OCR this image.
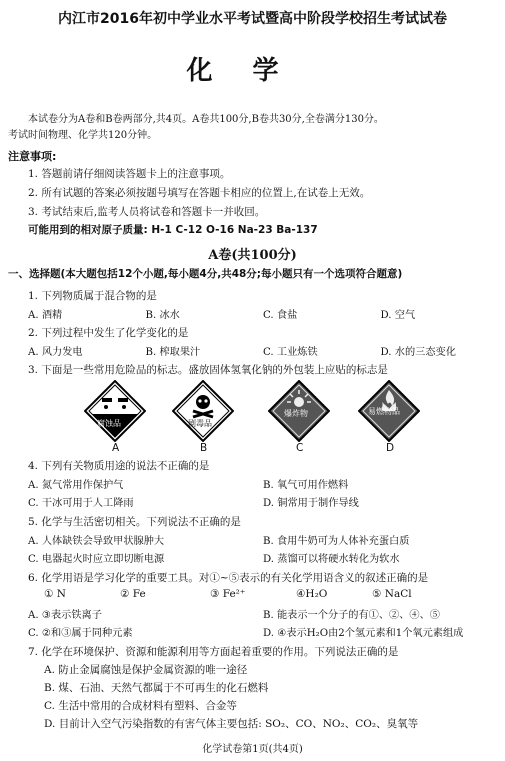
内江市2016年初中学业水平考试暨高中阶段学校招生考试试卷
化学
本试卷分为A卷和B卷两部分,共4页。A卷共100分,B卷共30分,全卷满分130分。
考试时间物理、化学共120分钟。
注意事项:
1. 答题前请仔细阅读答题卡上的注意事项。
2. 所有试题的答案必须按题号填写在答题卡相应的位置上,在试卷上无效。
3. 考试结束后,监考人员将试卷和答题卡一并收回。
可能用到的相对原子质量: H-1 C-12 O-16 Na-23 Ba-137
A卷(共100分)
一、选择题(本大题包括12个小题,每小题4分,共48分;每小题只有一个选项符合题意)
1. 下列物质属于混合物的是
A. 酒精	B. 冰水	C. 食盐	D. 空气
2. 下列过程中发生了化学变化的是
A. 风力发电	B. 榨取果汁	C. 工业炼铁	D. 水的三态变化
3. 下面是一些常用危险品的标志。盛放固体氢氧化钠的外包装上应贴的标志是
腐蚀品
A
剧毒品
B
爆炸物
C
易燃物品
D
4. 下列有关物质用途的说法不正确的是
A. 氮气常用作保护气	B. 氧气可用作燃料
C. 干冰可用于人工降雨	D. 铜常用于制作导线
5. 化学与生活密切相关。下列说法不正确的是
A. 人体缺铁会导致甲状腺肿大	B. 食用牛奶可为人体补充蛋白质
C. 电器起火时应立即切断电源	D. 蒸馏可以将硬水转化为软水
6. 化学用语是学习化学的重要工具。对①~⑤表示的有关化学用语含义的叙述正确的是
① N	② Fe	③ Fe²⁺	④H₂O	⑤ NaCl
A. ③表示铁离子	B. 能表示一个分子的有①、②、④、⑤
C. ②和③属于同种元素	D. ④表示H₂O由2个氢元素和1个氧元素组成
7. 化学在环境保护、资源和能源利用等方面起着重要的作用。下列说法正确的是
A. 防止金属腐蚀是保护金属资源的唯一途径
B. 煤、石油、天然气都属于不可再生的化石燃料
C. 生活中常用的合成材料有塑料、合金等
D. 目前计入空气污染指数的有害气体主要包括: SO₂、CO、NO₂、CO₂、臭氧等
化学试卷第1页(共4页)
